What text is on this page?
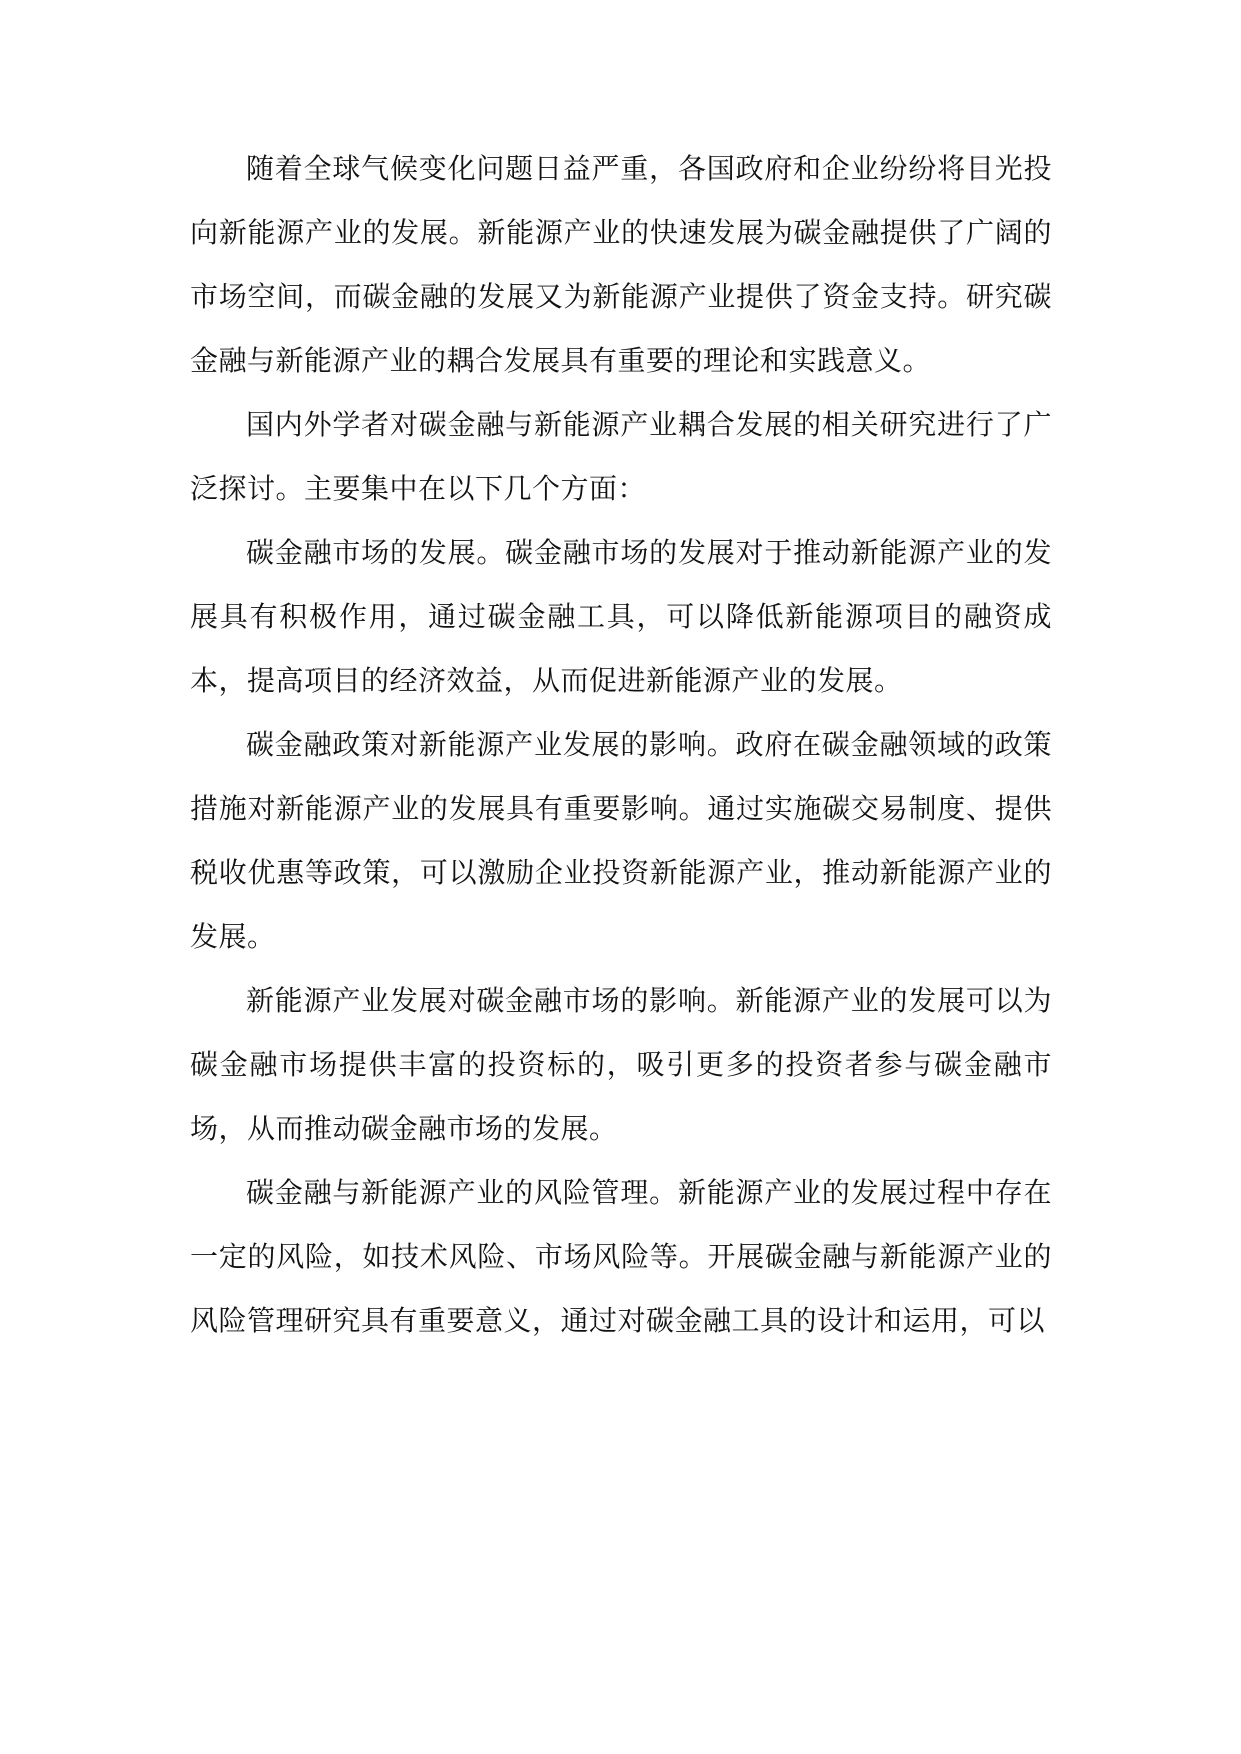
随着全球气候变化问题日益严重，各国政府和企业纷纷将目光投向新能源产业的发展。新能源产业的快速发展为碳金融提供了广阔的市场空间，而碳金融的发展又为新能源产业提供了资金支持。研究碳金融与新能源产业的耦合发展具有重要的理论和实践意义。

国内外学者对碳金融与新能源产业耦合发展的相关研究进行了广泛探讨。主要集中在以下几个方面：

碳金融市场的发展。碳金融市场的发展对于推动新能源产业的发展具有积极作用，通过碳金融工具，可以降低新能源项目的融资成本，提高项目的经济效益，从而促进新能源产业的发展。

碳金融政策对新能源产业发展的影响。政府在碳金融领域的政策措施对新能源产业的发展具有重要影响。通过实施碳交易制度、提供税收优惠等政策，可以激励企业投资新能源产业，推动新能源产业的发展。

新能源产业发展对碳金融市场的影响。新能源产业的发展可以为碳金融市场提供丰富的投资标的，吸引更多的投资者参与碳金融市场，从而推动碳金融市场的发展。

碳金融与新能源产业的风险管理。新能源产业的发展过程中存在一定的风险，如技术风险、市场风险等。开展碳金融与新能源产业的风险管理研究具有重要意义，通过对碳金融工具的设计和运用，可以
